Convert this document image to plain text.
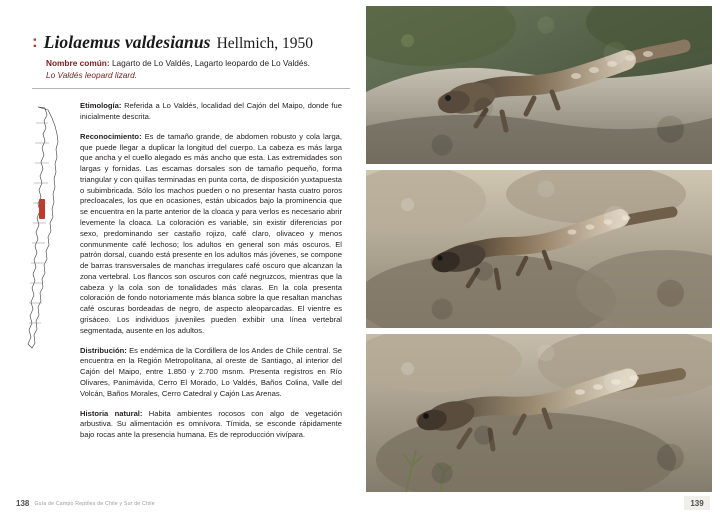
: Liolaemus valdesianus Hellmich, 1950
Nombre común: Lagarto de Lo Valdés, Lagarto leopardo de Lo Valdés.
Lo Valdés leopard lizard.

Etimología: Referida a Lo Valdés, localidad del Cajón del Maipo, donde fue inicialmente descrita.

Reconocimiento: Es de tamaño grande, de abdomen robusto y cola larga, que puede llegar a duplicar la longitud del cuerpo. La cabeza es más larga que ancha y el cuello alegado es más ancho que esta. Las extremidades son largas y fornidas. Las escamas dorsales son de tamaño pequeño, forma triangular y con quillas terminadas en punta corta, de disposición yuxtapuesta o subimbricada. Sólo los machos pueden o no presentar hasta cuatro poros precloacales, los que en ocasiones, están ubicados bajo la prominencia que se encuentra en la parte anterior de la cloaca y para verlos es necesario abrir levemente la cloaca. La coloración es variable, sin existir diferencias por sexo, predominando ser castaño rojizo, café claro, olivaceo y menos conmunmente café lechoso; los adultos en general son más oscuros. El patrón dorsal, cuando está presente en los adultos más jóvenes, se compone de barras transversales de manchas irregulares café oscuro que alcanzan la zona vertebral. Los flancos son oscuros con café negruzcos, mientras que la cabeza y la cola son de tonalidades más claras. En la cola presenta coloración de fondo notoriamente más blanca sobre la que resaltan manchas café oscuras bordeadas de negro, de aspecto aleoparcadas. El vientre es grisáceo. Los individuos juveniles pueden exhibir una línea vertebral segmentada, ausente en los adultos.

Distribución: Es endémica de la Cordillera de los Andes de Chile central. Se encuentra en la Región Metropolitana, al oreste de Santiago, al interior del Cajón del Maipo, entre 1.850 y 2.700 msnm. Presenta registros en Río Olivares, Panimávida, Cerro El Morado, Lo Valdés, Baños Colina, Valle del Volcán, Baños Morales, Cerro Catedral y Cajón Las Arenas.

Historia natural: Habita ambientes rocosos con algo de vegetación arbustiva. Su alimentación es omnívora. Tímida, se esconde rápidamente bajo rocas ante la presencia humana. Es de reproducción vivípara.

138 Guía de Campo Reptiles de Chile y Sur de Chile	139
